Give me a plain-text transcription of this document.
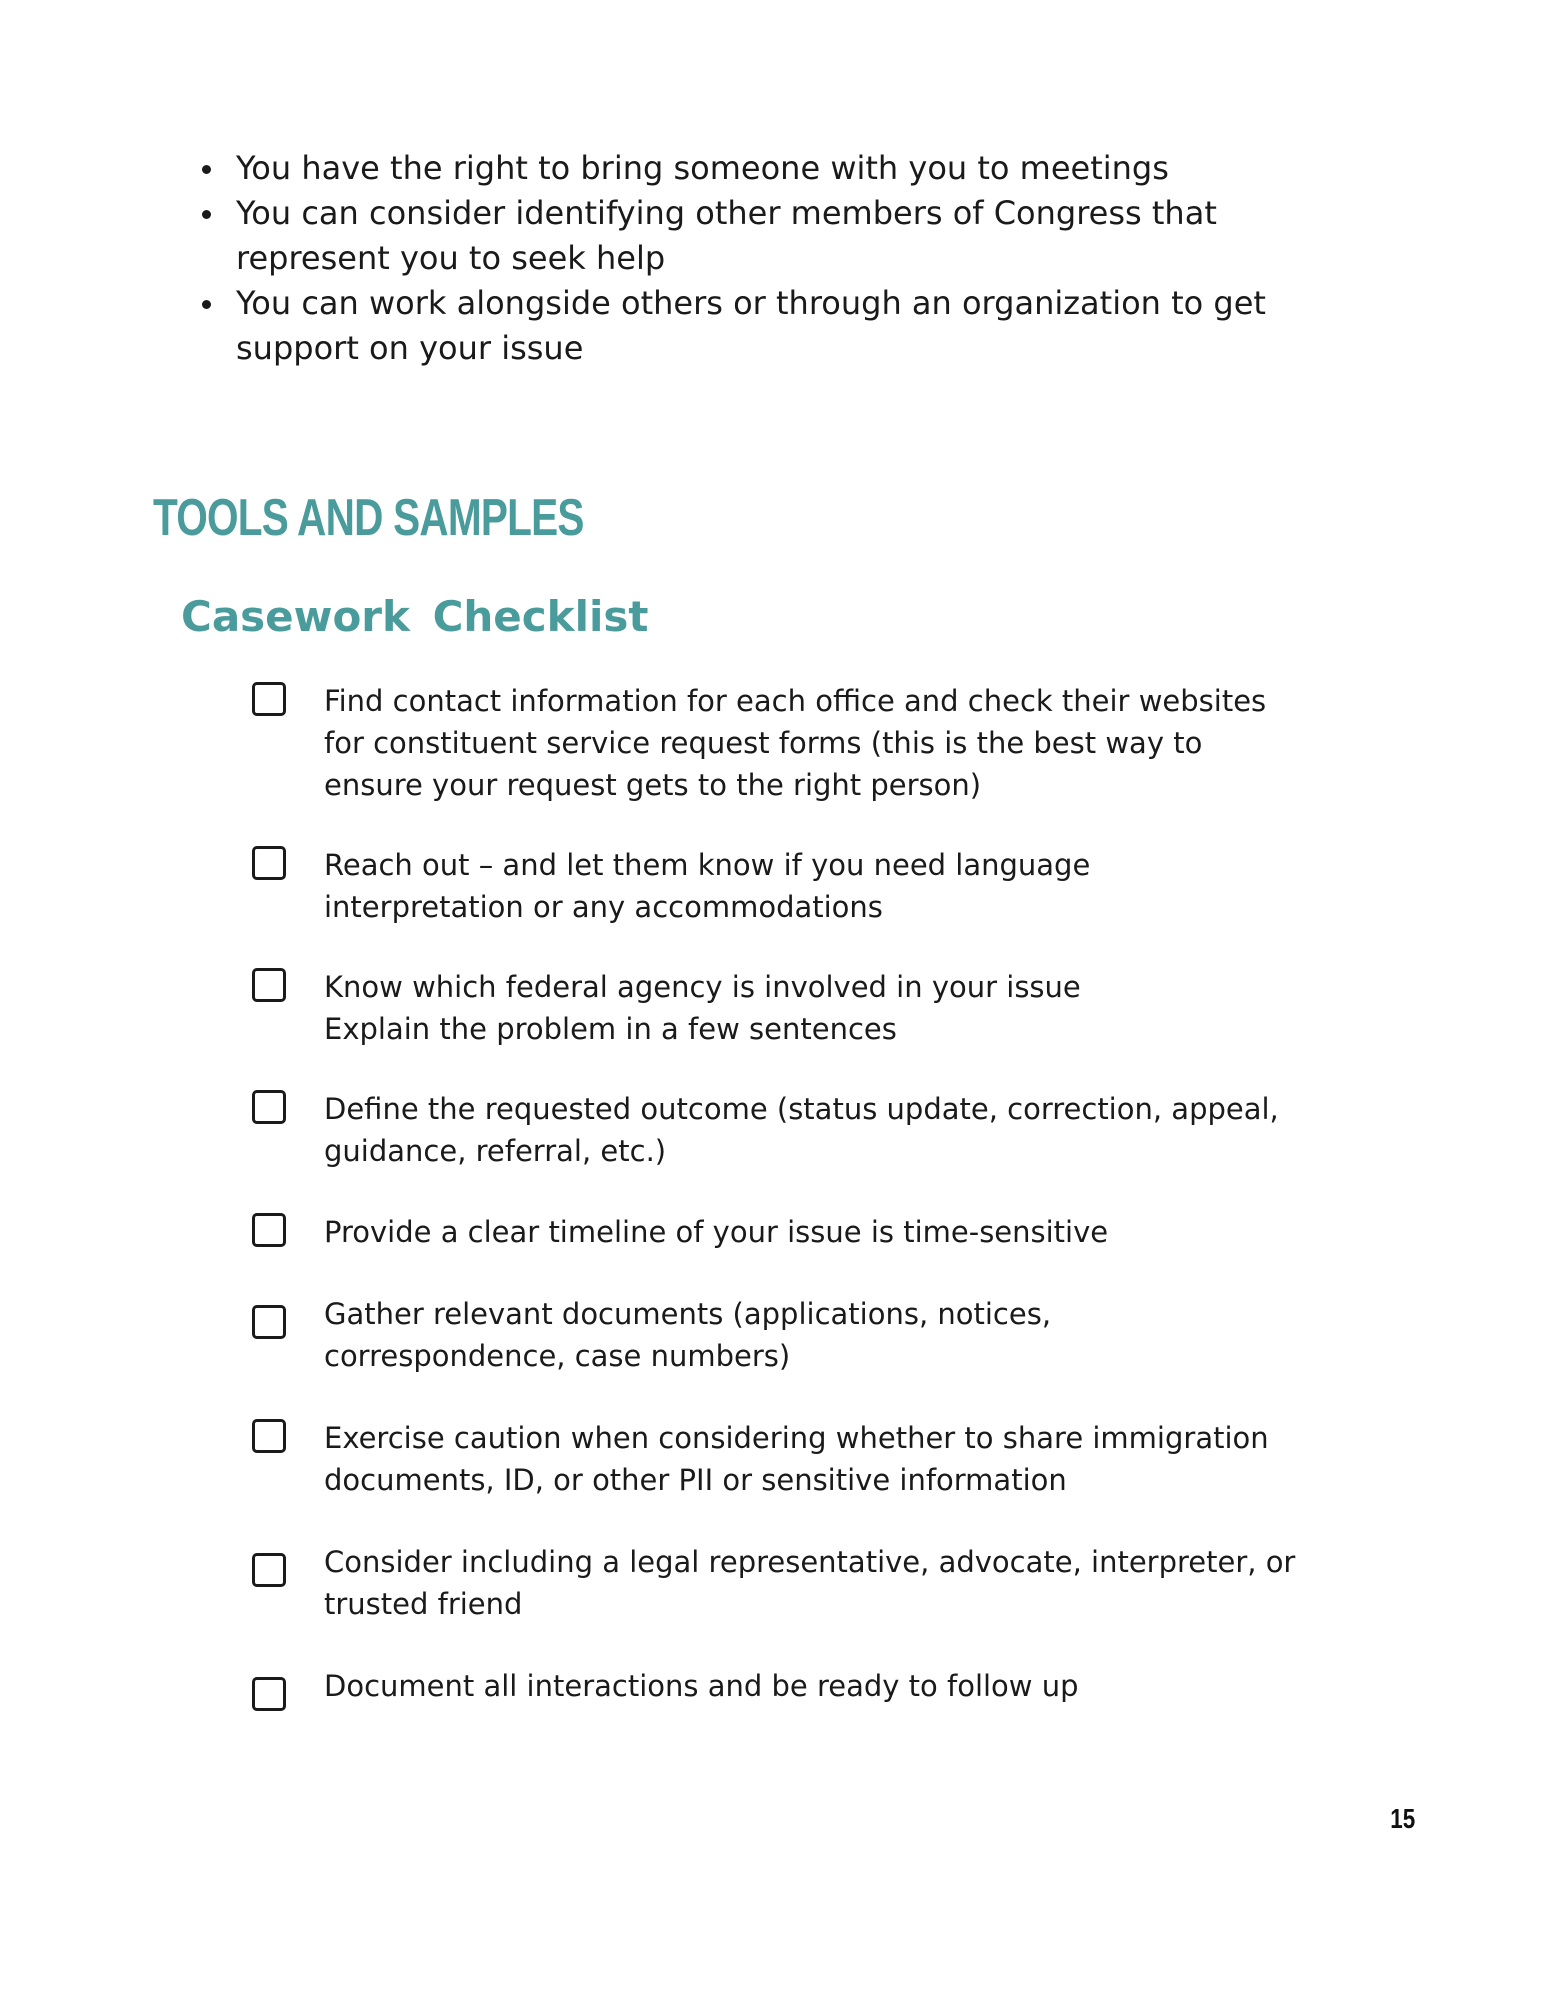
You have the right to bring someone with you to meetings
You can consider identifying other members of Congress that represent you to seek help
You can work alongside others or through an organization to get support on your issue
TOOLS AND SAMPLES
Casework Checklist
Find contact information for each office and check their websites
for constituent service request forms (this is the best way to
ensure your request gets to the right person)
Reach out – and let them know if you need language
interpretation or any accommodations
Know which federal agency is involved in your issue
Explain the problem in a few sentences
Define the requested outcome (status update, correction, appeal,
guidance, referral, etc.)
Provide a clear timeline of your issue is time-sensitive
Gather relevant documents (applications, notices,
correspondence, case numbers)
Exercise caution when considering whether to share immigration
documents, ID, or other PII or sensitive information
Consider including a legal representative, advocate, interpreter, or
trusted friend
Document all interactions and be ready to follow up
15
